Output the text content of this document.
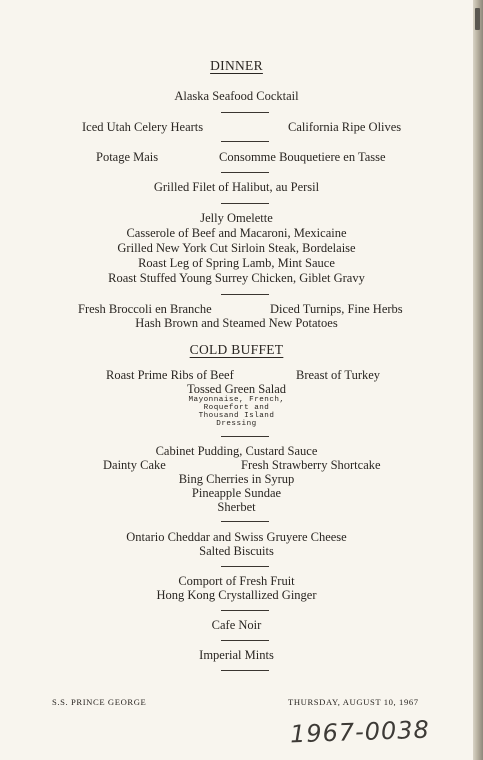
DINNER
Alaska Seafood Cocktail
Iced Utah Celery Hearts	California Ripe Olives
Potage Mais	Consomme Bouquetiere en Tasse
Grilled Filet of Halibut, au Persil
Jelly Omelette
Casserole of Beef and Macaroni, Mexicaine
Grilled New York Cut Sirloin Steak, Bordelaise
Roast Leg of Spring Lamb, Mint Sauce
Roast Stuffed Young Surrey Chicken, Giblet Gravy
Fresh Broccoli en Branche	Diced Turnips, Fine Herbs
Hash Brown and Steamed New Potatoes
COLD BUFFET
Roast Prime Ribs of Beef	Breast of Turkey
Tossed Green Salad
Mayonnaise, French,
Roquefort and
Thousand Island
Dressing
Cabinet Pudding, Custard Sauce
Dainty Cake	Fresh Strawberry Shortcake
Bing Cherries in Syrup
Pineapple Sundae
Sherbet
Ontario Cheddar and Swiss Gruyere Cheese
Salted Biscuits
Comport of Fresh Fruit
Hong Kong Crystallized Ginger
Cafe Noir
Imperial Mints
S.S. PRINCE GEORGE	THURSDAY, AUGUST 10, 1967
1967-0038
